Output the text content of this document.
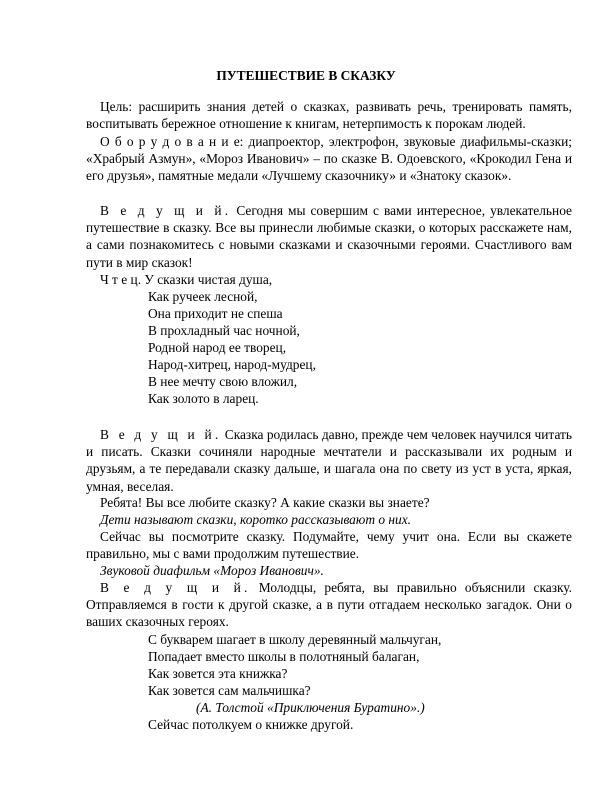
ПУТЕШЕСТВИЕ В СКАЗКУ

Цель: расширить знания детей о сказках, развивать речь, тренировать память, воспитывать бережное отношение к книгам, нетерпимость к порокам людей.

О б о р у д о в а н и е: диапроектор, электрофон, звуковые диафильмы-сказки; «Храбрый Азмун», «Мороз Иванович» – по сказке В. Одоевского, «Крокодил Гена и его друзья», памятные медали «Лучшему сказочнику» и «Знатоку сказок».

В е д у щ и й. Сегодня мы совершим с вами интересное, увлекательное путешествие в сказку. Все вы принесли любимые сказки, о которых расскажете нам, а сами познакомитесь с новыми сказками и сказочными героями. Счастливого вам пути в мир сказок!

Ч т е ц. У сказки чистая душа,

Как ручеек лесной,

Она приходит не спеша

В прохладный час ночной,

Родной народ ее творец,

Народ-хитрец, народ-мудрец,

В нее мечту свою вложил,

Как золото в ларец.

В е д у щ и й. Сказка родилась давно, прежде чем человек научился читать и писать. Сказки сочиняли народные мечтатели и рассказывали их родным и друзьям, а те передавали сказку дальше, и шагала она по свету из уст в уста, яркая, умная, веселая.

Ребята! Вы все любите сказку? А какие сказки вы знаете?

Дети называют сказки, коротко рассказывают о них.

Сейчас вы посмотрите сказку. Подумайте, чему учит она. Если вы скажете правильно, мы с вами продолжим путешествие.

Звуковой диафильм «Мороз Иванович».

В е д у щ и й. Молодцы, ребята, вы правильно объяснили сказку. Отправляемся в гости к другой сказке, а в пути отгадаем несколько загадок. Они о ваших сказочных героях.

С букварем шагает в школу деревянный мальчуган,

Попадает вместо школы в полотняный балаган,

Как зовется эта книжка?

Как зовется сам мальчишка?

(А. Толстой «Приключения Буратино».)

Сейчас потолкуем о книжке другой.
